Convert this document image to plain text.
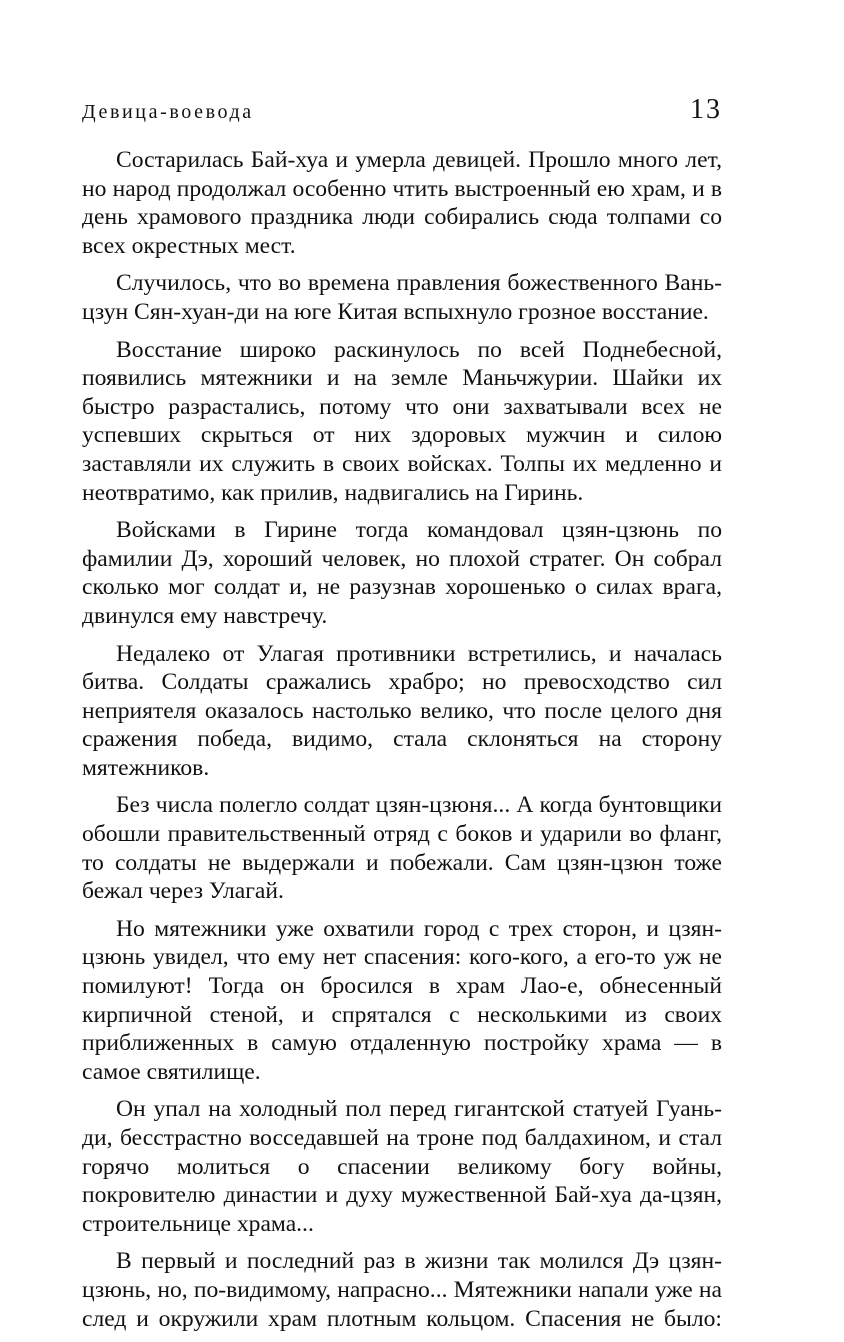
Девица-воевода	13

Состарилась Бай-хуа и умерла девицей. Прошло много лет, но народ продолжал особенно чтить выстроенный ею храм, и в день храмового праздника люди собирались сюда толпами со всех окрестных мест.

Случилось, что во времена правления божественного Вань-цзун Сян-хуан-ди на юге Китая вспыхнуло грозное восстание.

Восстание широко раскинулось по всей Поднебесной, появились мятежники и на земле Маньчжурии. Шайки их быстро разрастались, потому что они захватывали всех не успевших скрыться от них здоровых мужчин и силою заставляли их служить в своих войсках. Толпы их медленно и неотвратимо, как прилив, надвигались на Гиринь.

Войсками в Гирине тогда командовал цзян-цзюнь по фамилии Дэ, хороший человек, но плохой стратег. Он собрал сколько мог солдат и, не разузнав хорошенько о силах врага, двинулся ему навстречу.

Недалеко от Улагая противники встретились, и началась битва. Солдаты сражались храбро; но превосходство сил неприятеля оказалось настолько велико, что после целого дня сражения победа, видимо, стала склоняться на сторону мятежников.

Без числа полегло солдат цзян-цзюня... А когда бунтовщики обошли правительственный отряд с боков и ударили во фланг, то солдаты не выдержали и побежали. Сам цзян-цзюн тоже бежал через Улагай.

Но мятежники уже охватили город с трех сторон, и цзян-цзюнь увидел, что ему нет спасения: кого-кого, а его-то уж не помилуют! Тогда он бросился в храм Лао-е, обнесенный кирпичной стеной, и спрятался с несколькими из своих приближенных в самую отдаленную постройку храма — в самое святилище.

Он упал на холодный пол перед гигантской статуей Гуань-ди, бесстрастно восседавшей на троне под балдахином, и стал горячо молиться о спасении великому богу войны, покровителю династии и духу мужественной Бай-хуа да-цзян, строительнице храма...

В первый и последний раз в жизни так молился Дэ цзян-цзюнь, но, по-видимому, напрасно... Мятежники напали уже на след и окружили храм плотным кольцом. Спасения не было:
